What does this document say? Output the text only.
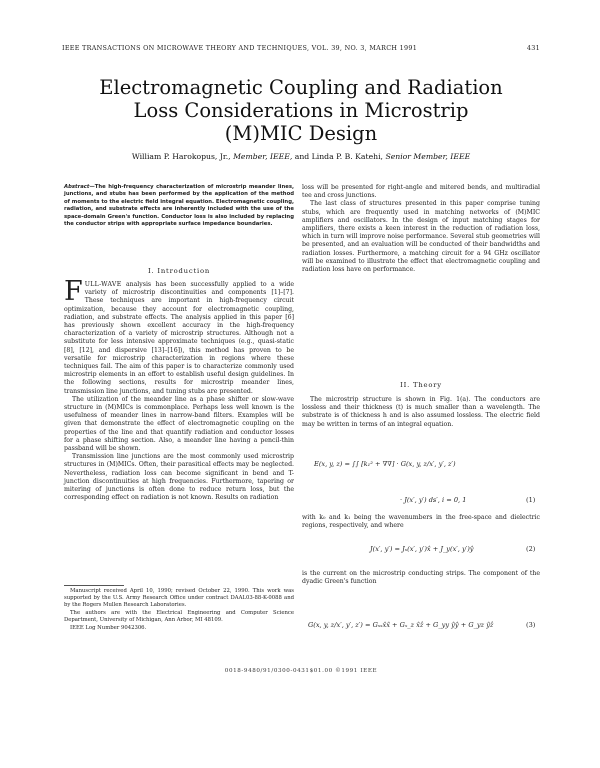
IEEE TRANSACTIONS ON MICROWAVE THEORY AND TECHNIQUES, VOL. 39, NO. 3, MARCH 1991	431
Electromagnetic Coupling and Radiation
Loss Considerations in Microstrip
(M)MIC Design
William P. Harokopus, Jr., Member, IEEE, and Linda P. B. Katehi, Senior Member, IEEE
Abstract—The high-frequency characterization of microstrip meander lines, junctions, and stubs has been performed by the application of the method of moments to the electric field integral equation. Electromagnetic coupling, radiation, and substrate effects are inherently included with the use of the space-domain Green's function. Conductor loss is also included by replacing the conductor strips with appropriate surface impedance boundaries.
I. Introduction

FULL-WAVE analysis has been successfully applied to a wide variety of microstrip discontinuities and components [1]–[7]. These techniques are important in high-frequency circuit optimization, because they account for electromagnetic coupling, radiation, and substrate effects. The analysis applied in this paper [6] has previously shown excellent accuracy in the high-frequency characterization of a variety of microstrip structures. Although not a substitute for less intensive approximate techniques (e.g., quasi-static [8], [12], and dispersive [13]–[16]), this method has proven to be versatile for microstrip characterization in regions where these techniques fail. The aim of this paper is to characterize commonly used microstrip elements in an effort to establish useful design guidelines. In the following sections, results for microstrip meander lines, transmission line junctions, and tuning stubs are presented.

The utilization of the meander line as a phase shifter or slow-wave structure in (M)MICs is commonplace. Perhaps less well known is the usefulness of meander lines in narrow-band filters. Examples will be given that demonstrate the effect of electromagnetic coupling on the properties of the line and that quantify radiation and conductor losses for a phase shifting section. Also, a meander line having a pencil-thin passband will be shown.

Transmission line junctions are the most commonly used microstrip structures in (M)MICs. Often, their parasitical effects may be neglected. Nevertheless, radiation loss can become significant in bend and T-junction discontinuities at high frequencies. Furthermore, tapering or mitering of junctions is often done to reduce return loss, but the corresponding effect on radiation is not known. Results on radiation

Manuscript received April 10, 1990; revised October 22, 1990. This work was supported by the U.S. Army Research Office under contract DAAL03-88-K-0088 and by the Rogers Mullen Research Laboratories.

The authors are with the Electrical Engineering and Computer Science Department, University of Michigan, Ann Arbor, MI 48109.

IEEE Log Number 9042306.

loss will be presented for right-angle and mitered bends, and multiradial tee and cross junctions.

The last class of structures presented in this paper comprise tuning stubs, which are frequently used in matching networks of (M)MIC amplifiers and oscillators. In the design of input matching stages for amplifiers, there exists a keen interest in the reduction of radiation loss, which in turn will improve noise performance. Several stub geometries will be presented, and an evaluation will be conducted of their bandwidths and radiation losses. Furthermore, a matching circuit for a 94 GHz oscillator will be examined to illustrate the effect that electromagnetic coupling and radiation loss have on performance.

II. Theory

The microstrip structure is shown in Fig. 1(a). The conductors are lossless and their thickness (t) is much smaller than a wavelength. The substrate is of thickness h and is also assumed lossless. The electric field may be written in terms of an integral equation.

E(x, y, z) = ∫∫ [k₁² + ∇∇] · G(x, y, z/x′, y′, z′)
· J(x′, y′) ds′, i = 0, 1	(1)

with k₀ and k₁ being the wavenumbers in the free-space and dielectric regions, respectively, and where

J(x′, y′) = Jₓ(x′, y′)x̂ + J_y(x′, y′)ŷ	(2)

is the current on the microstrip conducting strips. The component of the dyadic Green's function

G(x, y, z/x′, y′, z′) = Gₓₓx̂x̂ + Gₓ_z x̂ẑ + G_yy ŷŷ + G_yz ŷẑ	(3)
0018-9480/91/0300-0431$01.00 ©1991 IEEE
